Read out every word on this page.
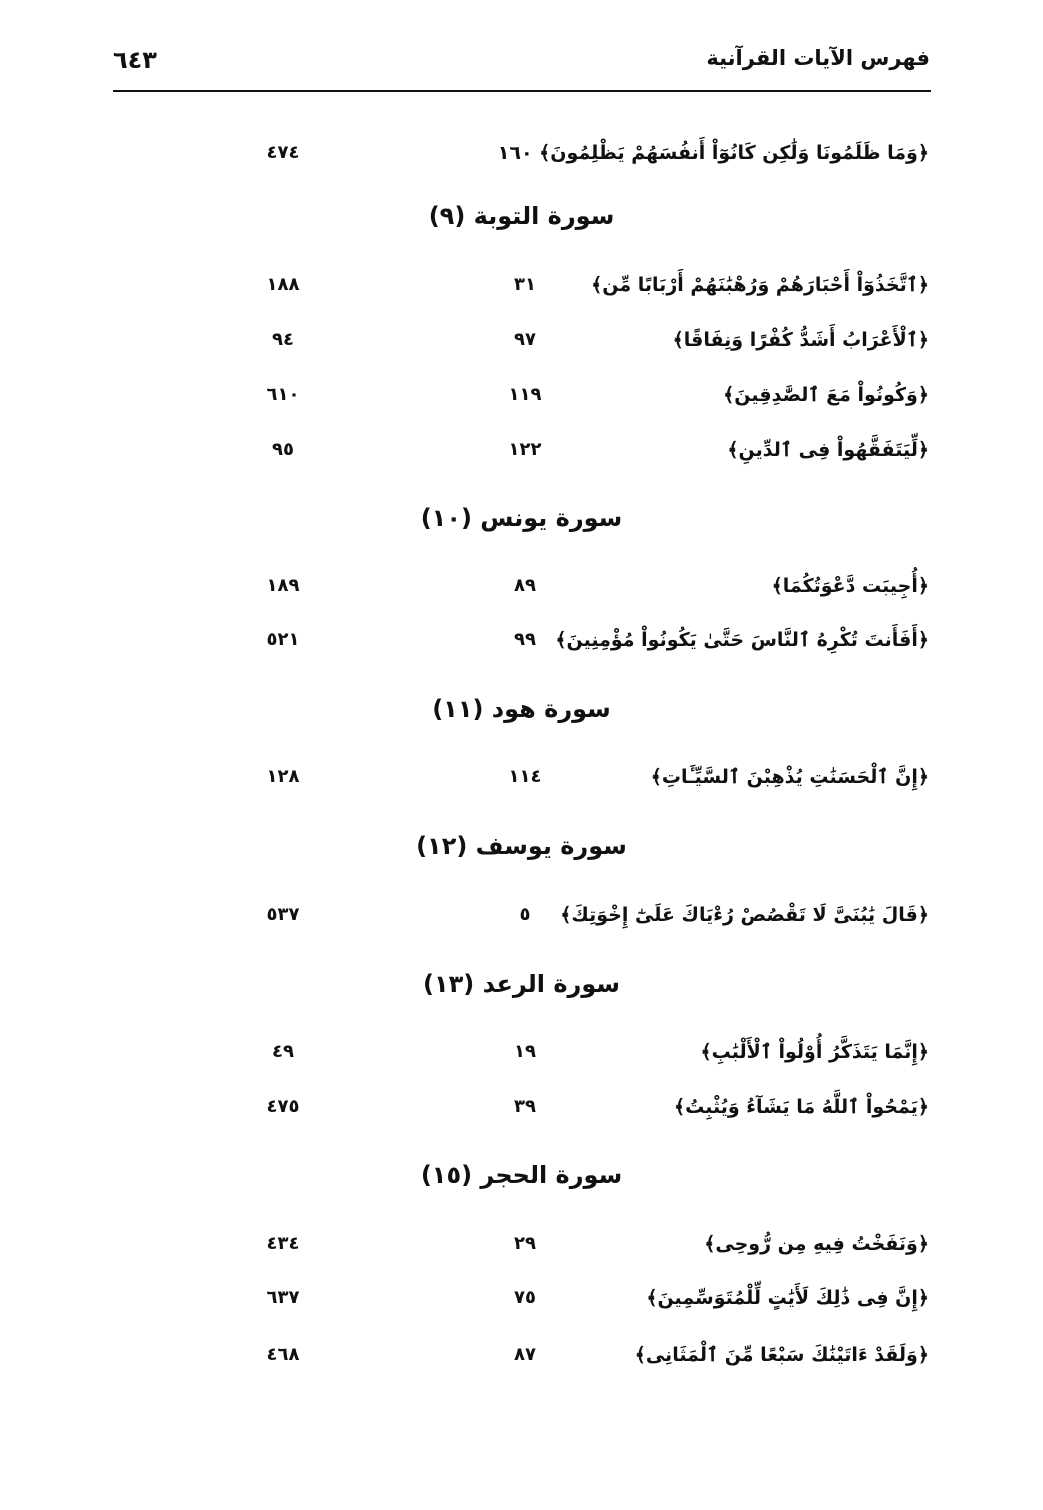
فهرس الآيات القرآنية
٦٤٣
﴿وَمَا ظَلَمُونَا وَلَٰكِن كَانُوٓاْ أَنفُسَهُمْ يَظْلِمُونَ﴾ ١٦٠
٤٧٤
سورة التوبة (٩)
﴿ٱتَّخَذُوٓاْ أَحْبَارَهُمْ وَرُهْبَٰنَهُمْ أَرْبَابًا مِّن﴾
٣١
١٨٨
﴿ٱلْأَعْرَابُ أَشَدُّ كُفْرًا وَنِفَاقًا﴾
٩٧
٩٤
﴿وَكُونُواْ مَعَ ٱلصَّٰدِقِينَ﴾
١١٩
٦١٠
﴿لِّيَتَفَقَّهُواْ فِى ٱلدِّينِ﴾
١٢٢
٩٥
سورة يونس (١٠)
﴿أُجِيبَت دَّعْوَتُكُمَا﴾
٨٩
١٨٩
﴿أَفَأَنتَ تُكْرِهُ ٱلنَّاسَ حَتَّىٰ يَكُونُواْ مُؤْمِنِينَ﴾
٩٩
٥٢١
سورة هود (١١)
﴿إِنَّ ٱلْحَسَنَٰتِ يُذْهِبْنَ ٱلسَّيِّـَٔاتِ﴾
١١٤
١٢٨
سورة يوسف (١٢)
﴿قَالَ يَٰبُنَىَّ لَا تَقْصُصْ رُءْيَاكَ عَلَىٰٓ إِخْوَتِكَ﴾
٥
٥٣٧
سورة الرعد (١٣)
﴿إِنَّمَا يَتَذَكَّرُ أُوْلُواْ ٱلْأَلْبَٰبِ﴾
١٩
٤٩
﴿يَمْحُواْ ٱللَّهُ مَا يَشَآءُ وَيُثْبِتُ﴾
٣٩
٤٧٥
سورة الحجر (١٥)
﴿وَنَفَخْتُ فِيهِ مِن رُّوحِى﴾
٢٩
٤٣٤
﴿إِنَّ فِى ذَٰلِكَ لَأَيَٰتٍ لِّلْمُتَوَسِّمِينَ﴾
٧٥
٦٣٧
﴿وَلَقَدْ ءَاتَيْنَٰكَ سَبْعًا مِّنَ ٱلْمَثَانِى﴾
٨٧
٤٦٨
